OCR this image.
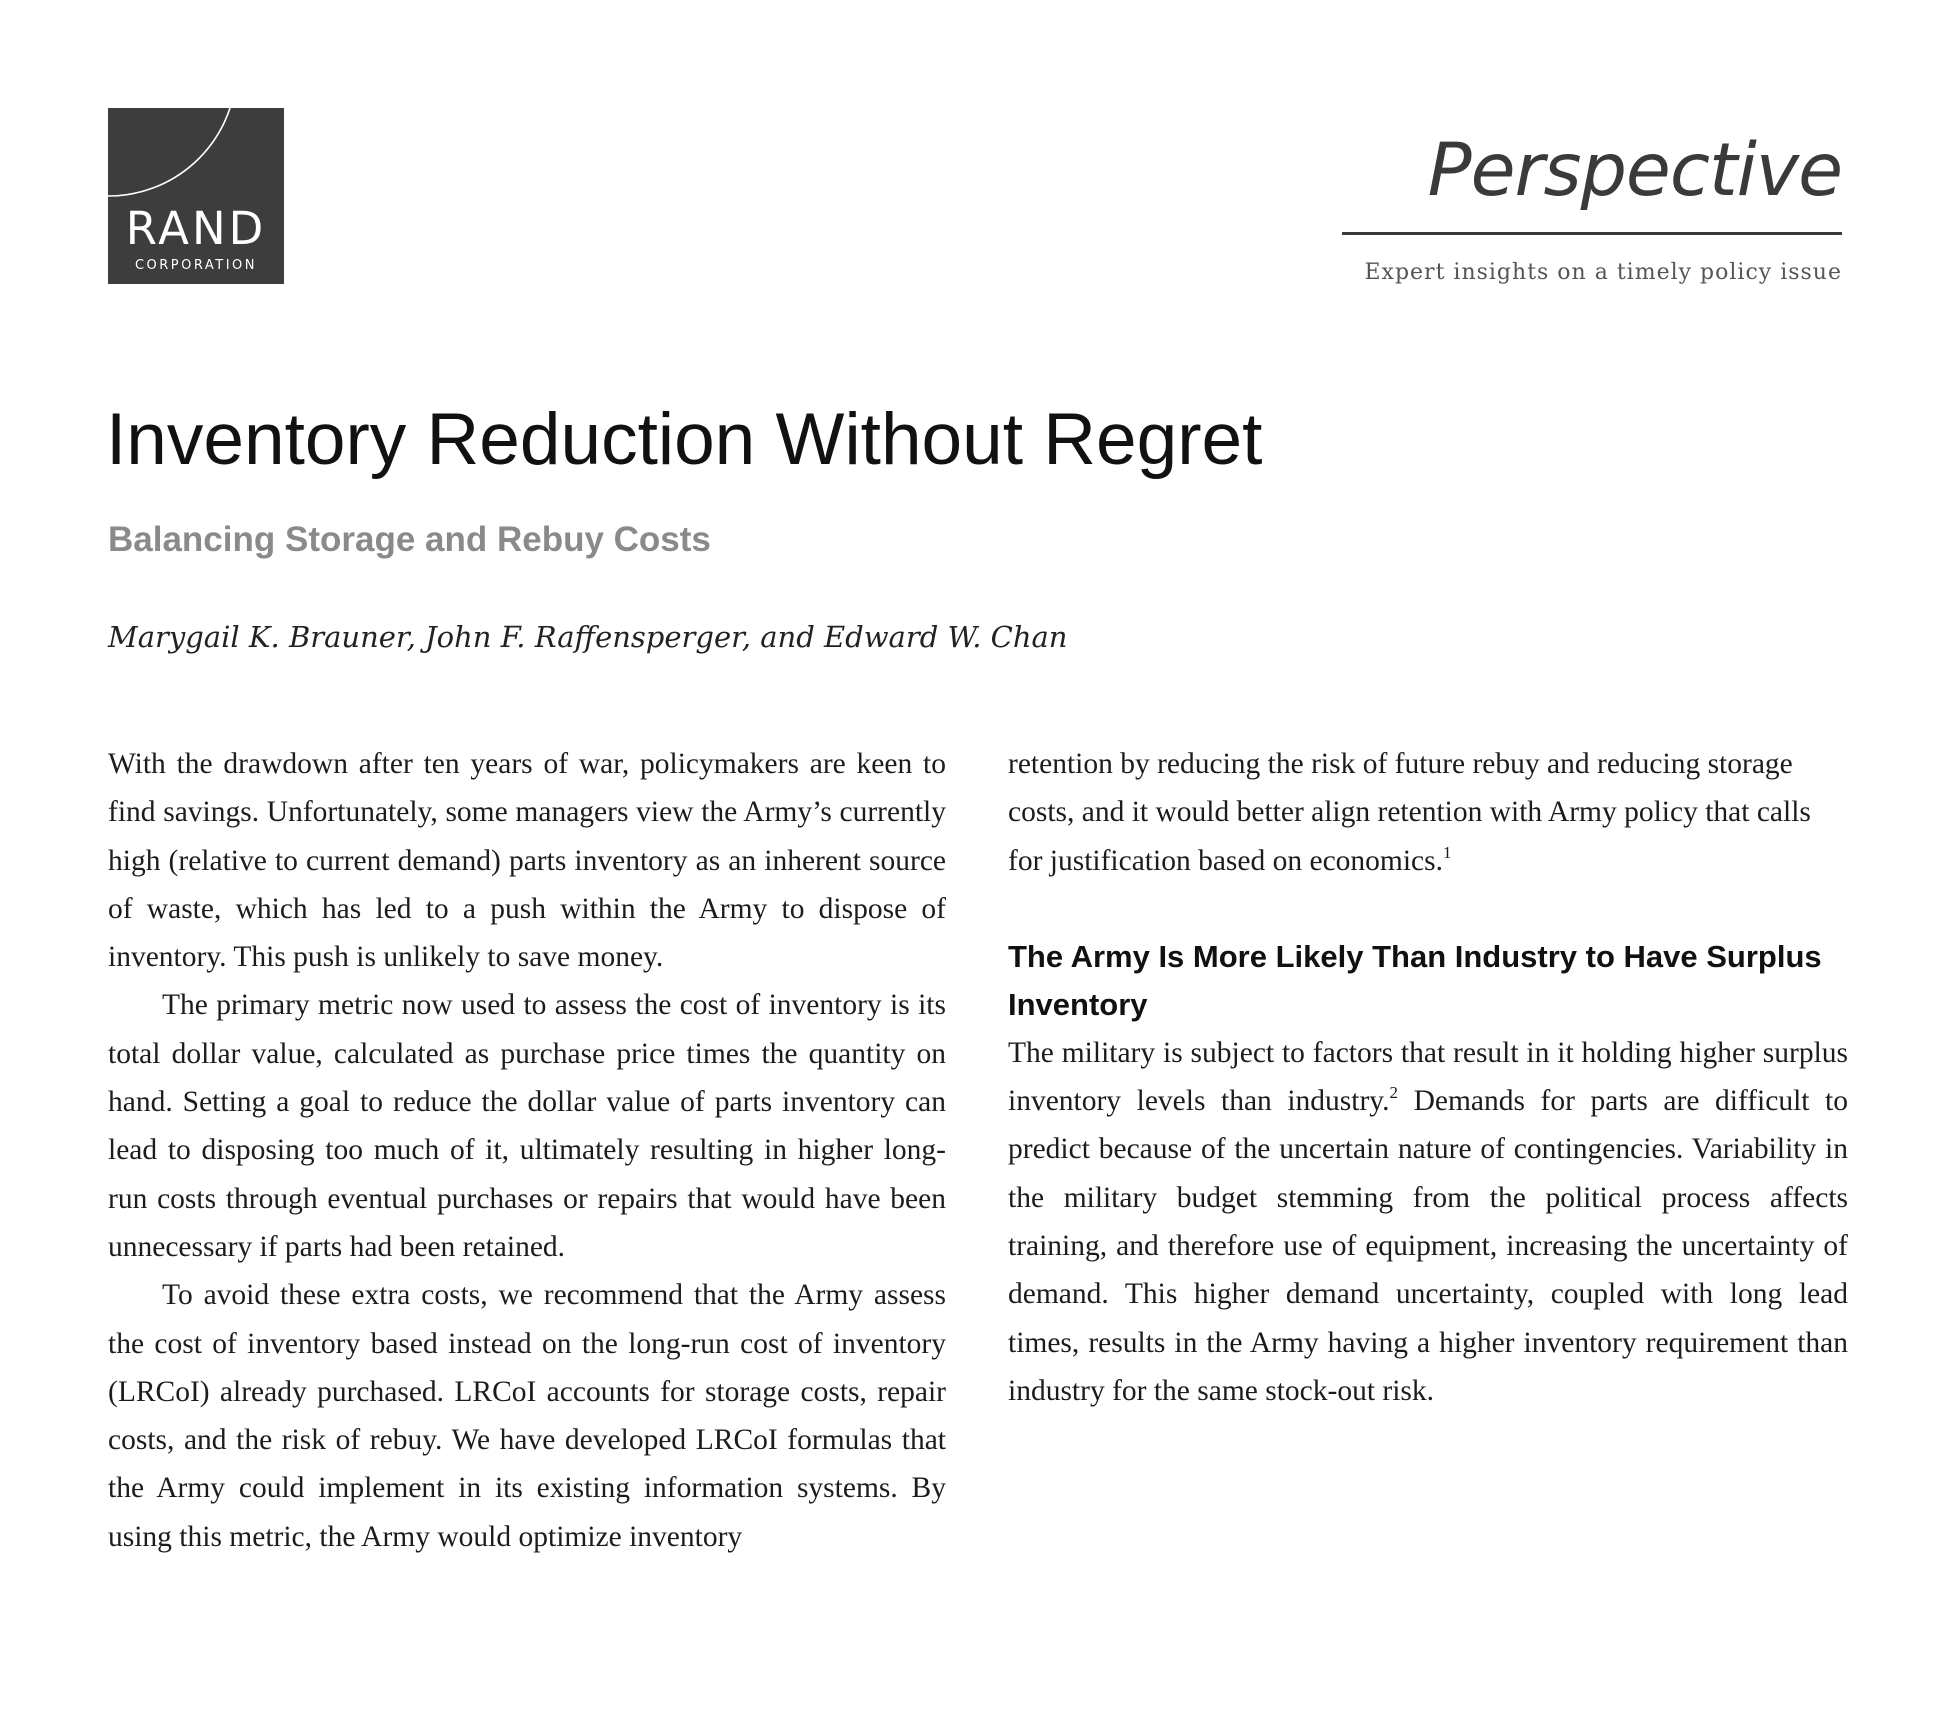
RAND
CORPORATION
Perspective
Expert insights on a timely policy issue
Inventory Reduction Without Regret
Balancing Storage and Rebuy Costs
Marygail K. Brauner, John F. Raffensperger, and Edward W. Chan

With the drawdown after ten years of war, policymakers are keen to find savings. Unfortunately, some managers view the Army’s currently high (relative to current demand) parts inventory as an inherent source of waste, which has led to a push within the Army to dispose of inventory. This push is unlikely to save money.

The primary metric now used to assess the cost of inventory is its total dollar value, calculated as purchase price times the quantity on hand. Setting a goal to reduce the dollar value of parts inventory can lead to disposing too much of it, ultimately resulting in higher long-run costs through eventual purchases or repairs that would have been unnecessary if parts had been retained.

To avoid these extra costs, we recommend that the Army assess the cost of inventory based instead on the long-run cost of inventory (LRCoI) already purchased. LRCoI accounts for storage costs, repair costs, and the risk of rebuy. We have developed LRCoI formulas that the Army could implement in its existing information systems. By using this metric, the Army would optimize inventory

retention by reducing the risk of future rebuy and reducing storage costs, and it would better align retention with Army policy that calls for justification based on economics.$^1$

The Army Is More Likely Than Industry to Have Surplus Inventory

The military is subject to factors that result in it holding higher surplus inventory levels than industry.$^2$ Demands for parts are difficult to predict because of the uncertain nature of contingencies. Variability in the military budget stemming from the political process affects training, and therefore use of equipment, increasing the uncertainty of demand. This higher demand uncertainty, coupled with long lead times, results in the Army having a higher inventory requirement than industry for the same stock-out risk.
